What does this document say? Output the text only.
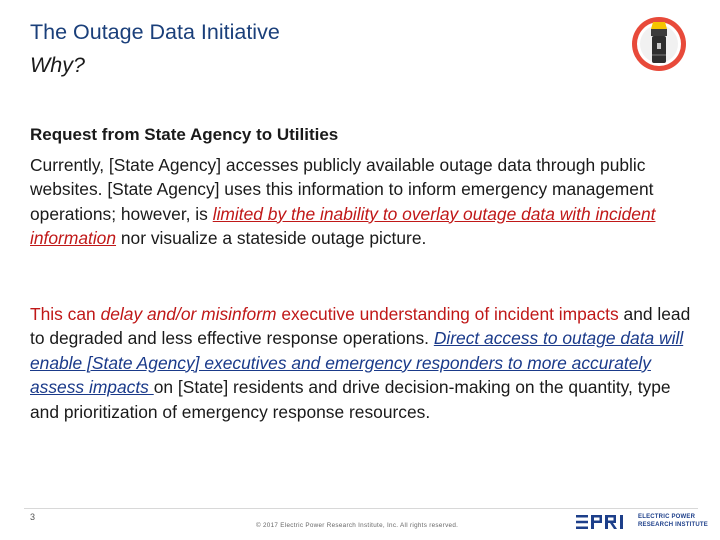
The Outage Data Initiative
Why?
Request from State Agency to Utilities

Currently, [State Agency] accesses publicly available outage data through public websites. [State Agency] uses this information to inform emergency management operations; however, is limited by the inability to overlay outage data with incident information nor visualize a stateside outage picture.

This can delay and/or misinform executive understanding of incident impacts and lead to degraded and less effective response operations. Direct access to outage data will enable [State Agency] executives and emergency responders to more accurately assess impacts on [State] residents and drive decision-making on the quantity, type and prioritization of emergency response resources.

3
© 2017 Electric Power Research Institute, Inc. All rights reserved.
ELECTRIC POWER
RESEARCH INSTITUTE
